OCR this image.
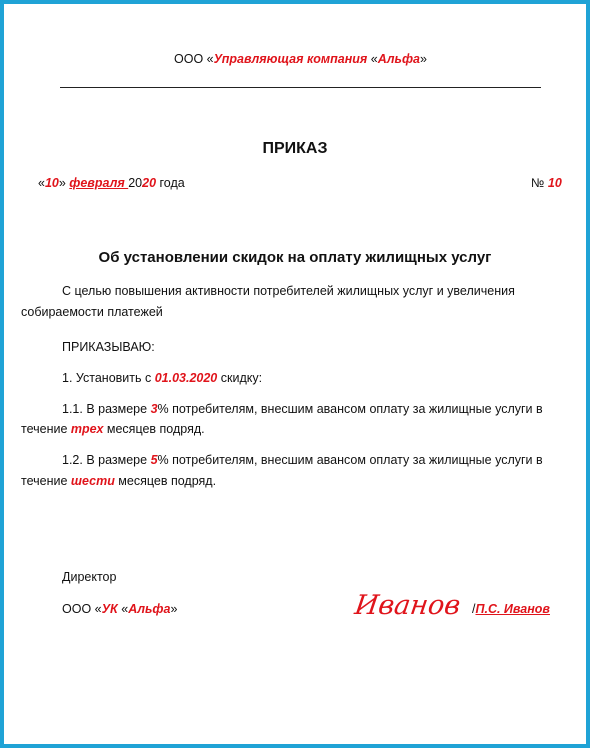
ООО «Управляющая компания «Альфа»
ПРИКАЗ
«10» февраля 2020 года	№ 10
Об установлении скидок на оплату жилищных услуг
С целью повышения активности потребителей жилищных услуг и увеличения
собираемости платежей
ПРИКАЗЫВАЮ:
1. Установить с 01.03.2020 скидку:
1.1. В размере 3% потребителям, внесшим авансом оплату за жилищные услуги в
течение трех месяцев подряд.
1.2. В размере 5% потребителям, внесшим авансом оплату за жилищные услуги в
течение шести месяцев подряд.
Директор
ООО «УК «Альфа»	Иванов /П.С. Иванов
